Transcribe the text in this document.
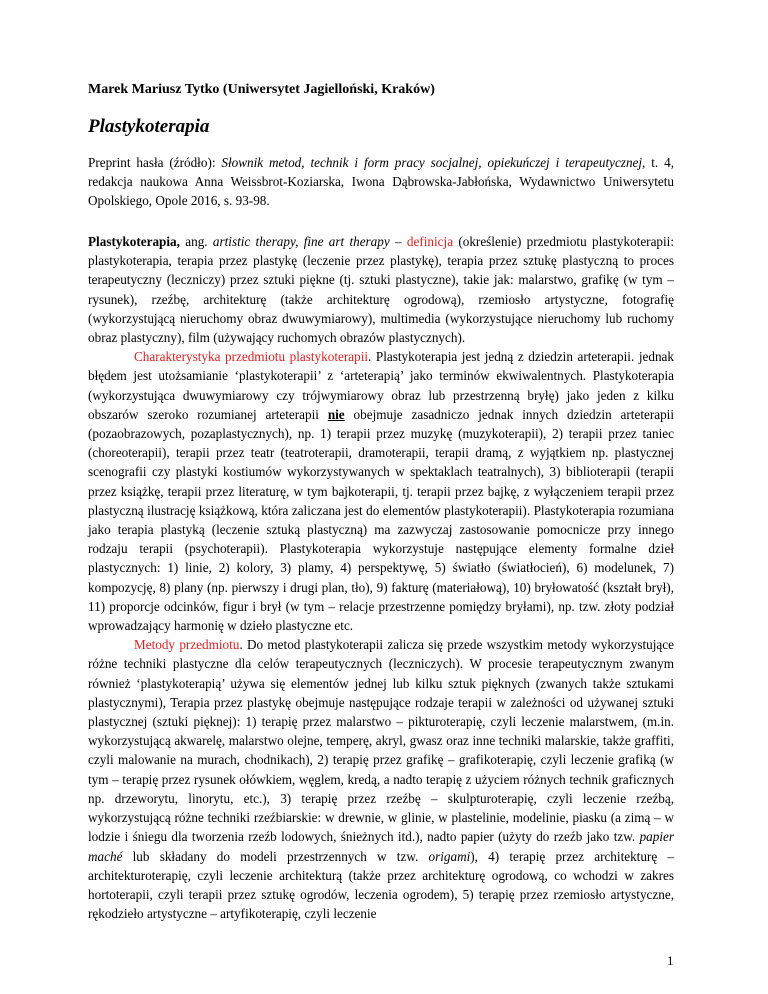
Marek Mariusz Tytko (Uniwersytet Jagielloński, Kraków)
Plastykoterapia
Preprint hasła (źródło): Słownik metod, technik i form pracy socjalnej, opiekuńczej i terapeutycznej, t. 4, redakcja naukowa Anna Weissbrot-Koziarska, Iwona Dąbrowska-Jabłońska, Wydawnictwo Uniwersytetu Opolskiego, Opole 2016, s. 93-98.

Plastykoterapia, ang. artistic therapy, fine art therapy – definicja (określenie) przedmiotu plastykoterapii: plastykoterapia, terapia przez plastykę (leczenie przez plastykę), terapia przez sztukę plastyczną to proces terapeutyczny (leczniczy) przez sztuki piękne (tj. sztuki plastyczne), takie jak: malarstwo, grafikę (w tym – rysunek), rzeźbę, architekturę (także architekturę ogrodową), rzemiosło artystyczne, fotografię (wykorzystującą nieruchomy obraz dwuwymiarowy), multimedia (wykorzystujące nieruchomy lub ruchomy obraz plastyczny), film (używający ruchomych obrazów plastycznych).

Charakterystyka przedmiotu plastykoterapii. Plastykoterapia jest jedną z dziedzin arteterapii. jednak błędem jest utożsamianie ‘plastykoterapii’ z ‘arteterapią’ jako terminów ekwiwalentnych. Plastykoterapia (wykorzystująca dwuwymiarowy czy trójwymiarowy obraz lub przestrzenną bryłę) jako jeden z kilku obszarów szeroko rozumianej arteterapii nie obejmuje zasadniczo jednak innych dziedzin arteterapii (pozaobrazowych, pozaplastycznych), np. 1) terapii przez muzykę (muzykoterapii), 2) terapii przez taniec (choreoterapii), terapii przez teatr (teatroterapii, dramoterapii, terapii dramą, z wyjątkiem np. plastycznej scenografii czy plastyki kostiumów wykorzystywanych w spektaklach teatralnych), 3) biblioterapii (terapii przez książkę, terapii przez literaturę, w tym bajkoterapii, tj. terapii przez bajkę, z wyłączeniem terapii przez plastyczną ilustrację książkową, która zaliczana jest do elementów plastykoterapii). Plastykoterapia rozumiana jako terapia plastyką (leczenie sztuką plastyczną) ma zazwyczaj zastosowanie pomocnicze przy innego rodzaju terapii (psychoterapii). Plastykoterapia wykorzystuje następujące elementy formalne dzieł plastycznych: 1) linie, 2) kolory, 3) plamy, 4) perspektywę, 5) światło (światłocień), 6) modelunek, 7) kompozycję, 8) plany (np. pierwszy i drugi plan, tło), 9) fakturę (materiałową), 10) bryłowatość (kształt brył), 11) proporcje odcinków, figur i brył (w tym – relacje przestrzenne pomiędzy bryłami), np. tzw. złoty podział wprowadzający harmonię w dzieło plastyczne etc.

Metody przedmiotu. Do metod plastykoterapii zalicza się przede wszystkim metody wykorzystujące różne techniki plastyczne dla celów terapeutycznych (leczniczych). W procesie terapeutycznym zwanym również ‘plastykoterapią’ używa się elementów jednej lub kilku sztuk pięknych (zwanych także sztukami plastycznymi), Terapia przez plastykę obejmuje następujące rodzaje terapii w zależności od używanej sztuki plastycznej (sztuki pięknej): 1) terapię przez malarstwo – pikturoterapię, czyli leczenie malarstwem, (m.in. wykorzystującą akwarelę, malarstwo olejne, temperę, akryl, gwasz oraz inne techniki malarskie, także graffiti, czyli malowanie na murach, chodnikach), 2) terapię przez grafikę – grafikoterapię, czyli leczenie grafiką (w tym – terapię przez rysunek ołówkiem, węglem, kredą, a nadto terapię z użyciem różnych technik graficznych np. drzeworytu, linorytu, etc.), 3) terapię przez rzeźbę – skulpturoterapię, czyli leczenie rzeźbą, wykorzystującą różne techniki rzeźbiarskie: w drewnie, w glinie, w plastelinie, modelinie, piasku (a zimą – w lodzie i śniegu dla tworzenia rzeźb lodowych, śnieżnych itd.), nadto papier (użyty do rzeźb jako tzw. papier maché lub składany do modeli przestrzennych w tzw. origami), 4) terapię przez architekturę – architekturoterapię, czyli leczenie architekturą (także przez architekturę ogrodową, co wchodzi w zakres hortoterapii, czyli terapii przez sztukę ogrodów, leczenia ogrodem), 5) terapię przez rzemiosło artystyczne, rękodzieło artystyczne – artyfikoterapię, czyli leczenie

1
